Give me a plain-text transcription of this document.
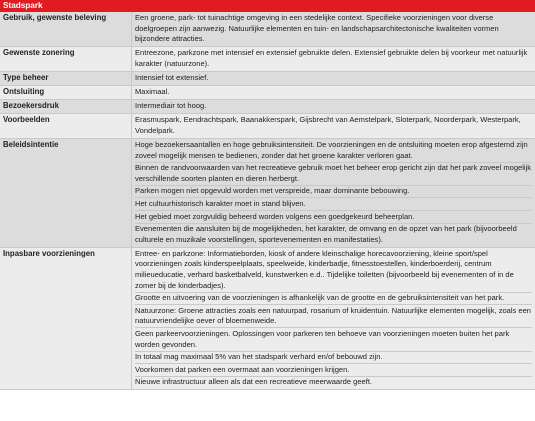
Stadspark
Gebruik, gewenste beleving	Een groene, park- tot tuinachtige omgeving in een stedelijke context. Specifieke voorzieningen voor diverse doelgroepen zijn aanwezig. Natuurlijke elementen en tuin- en landschapsarchitectonische kwaliteiten vormen bijzondere attracties.
Gewenste zonering	Entreezone, parkzone met intensief en extensief gebruikte delen. Extensief gebruikte delen bij voorkeur met natuurlijk karakter (natuurzone).
Type beheer	Intensief tot extensief.
Ontsluiting	Maximaal.
Bezoekersdruk	Intermediair tot hoog.
Voorbeelden	Erasmuspark, Eendrachtspark, Baanakkerspark, Gijsbrecht van Aemstelpark, Sloterpark, Noorderpark, Westerpark, Vondelpark.
Beleidsintentie	Hoge bezoekersaantallen en hoge gebruiksintensiteit. De voorzieningen en de ontsluiting moeten erop afgestemd zijn zoveel mogelijk mensen te bedienen, zonder dat het groene karakter verloren gaat.
Binnen de randvoorwaarden van het recreatieve gebruik moet het beheer erop gericht zijn dat het park zoveel mogelijk verschillende soorten planten en dieren herbergt.
Parken mogen niet opgevuld worden met verspreide, maar dominante bebouwing.
Het cultuurhistorisch karakter moet in stand blijven.
Het gebied moet zorgvuldig beheerd worden volgens een goedgekeurd beheerplan.
Evenementen die aansluiten bij de mogelijkheden, het karakter, de omvang en de opzet van het park (bijvoorbeeld culturele en muzikale voorstellingen, sportevenementen en manifestaties).
Inpasbare voorzieningen	Entree- en parkzone: Informatieborden, kiosk of andere kleinschalige horecavoorziening, kleine sport/spel voorzieningen zoals kinderspeelplaats, speelweide, kinderbadje, fitnesstoestellen, kinderboerderij, centrum milieueducatie, verhard basketbalveld, kunstwerken e.d.. Tijdelijke toiletten (bijvoorbeeld bij evenementen of in de zomer bij de kinderbadjes).
Grootte en uitvoering van de voorzieningen is afhankelijk van de grootte en de gebruiksintensiteit van het park.
Natuurzone: Groene attracties zoals een natuurpad, rosarium of kruidentuin. Natuurlijke elementen mogelijk, zoals een natuurvriendelijke oever of bloemenweide.
Geen parkeervoorzieningen. Oplossingen voor parkeren ten behoeve van voorzieningen moeten buiten het park worden gevonden.
In totaal mag maximaal 5% van het stadspark verhard en/of bebouwd zijn.
Voorkomen dat parken een overmaat aan voorzieningen krijgen.
Nieuwe infrastructuur alleen als dat een recreatieve meerwaarde geeft.
